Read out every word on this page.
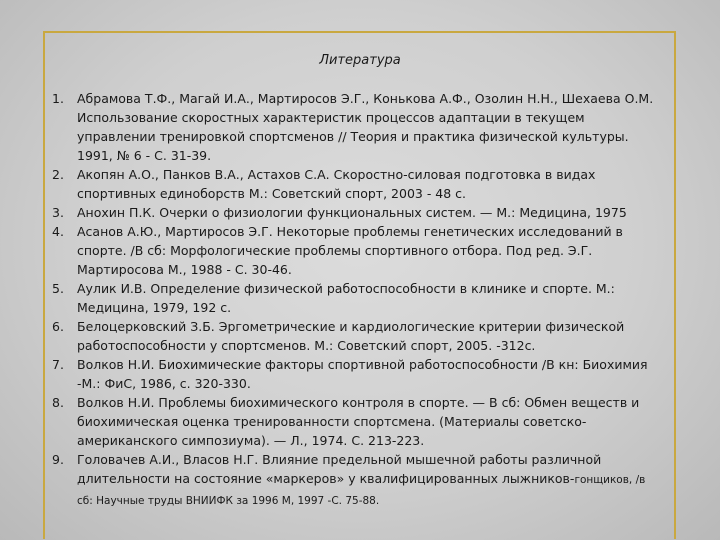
Литература
1. Абрамова Т.Ф., Магай И.А., Мартиросов Э.Г., Конькова А.Ф., Озолин Н.Н., Шехаева О.М. Использование скоростных характеристик процессов адаптации в текущем управлении тренировкой спортсменов // Теория и практика физической культуры. 1991, № 6 - С. 31-39.
2. Акопян А.О., Панков В.А., Астахов С.А. Скоростно-силовая подготовка в видах спортивных единоборств М.: Советский спорт, 2003 - 48 с.
3. Анохин П.К. Очерки о физиологии функциональных систем. — М.: Медицина, 1975
4. Асанов А.Ю., Мартиросов Э.Г. Некоторые проблемы генетических исследований в спорте. /В сб: Морфологические проблемы спортивного отбора. Под ред. Э.Г. Мартиросова М., 1988 - С. 30-46.
5. Аулик И.В. Определение физической работоспособности в клинике и спорте. М.: Медицина, 1979, 192 с.
6. Белоцерковский З.Б. Эргометрические и кардиологические критерии физической работоспособности у спортсменов. М.: Советский спорт, 2005. -312с.
7. Волков Н.И. Биохимические факторы спортивной работоспособности /В кн: Биохимия -М.: ФиС, 1986, с. 320-330.
8. Волков Н.И. Проблемы биохимического контроля в спорте. — В сб: Обмен веществ и биохимическая оценка тренированности спортсмена. (Материалы советско-американского симпозиума). — Л., 1974. С. 213-223.
9. Головачев А.И., Власов Н.Г. Влияние предельной мышечной работы различной длительности на состояние «маркеров» у квалифицированных лыжников-гонщиков, /в сб: Научные труды ВНИИФК за 1996 М, 1997 -С. 75-88.
